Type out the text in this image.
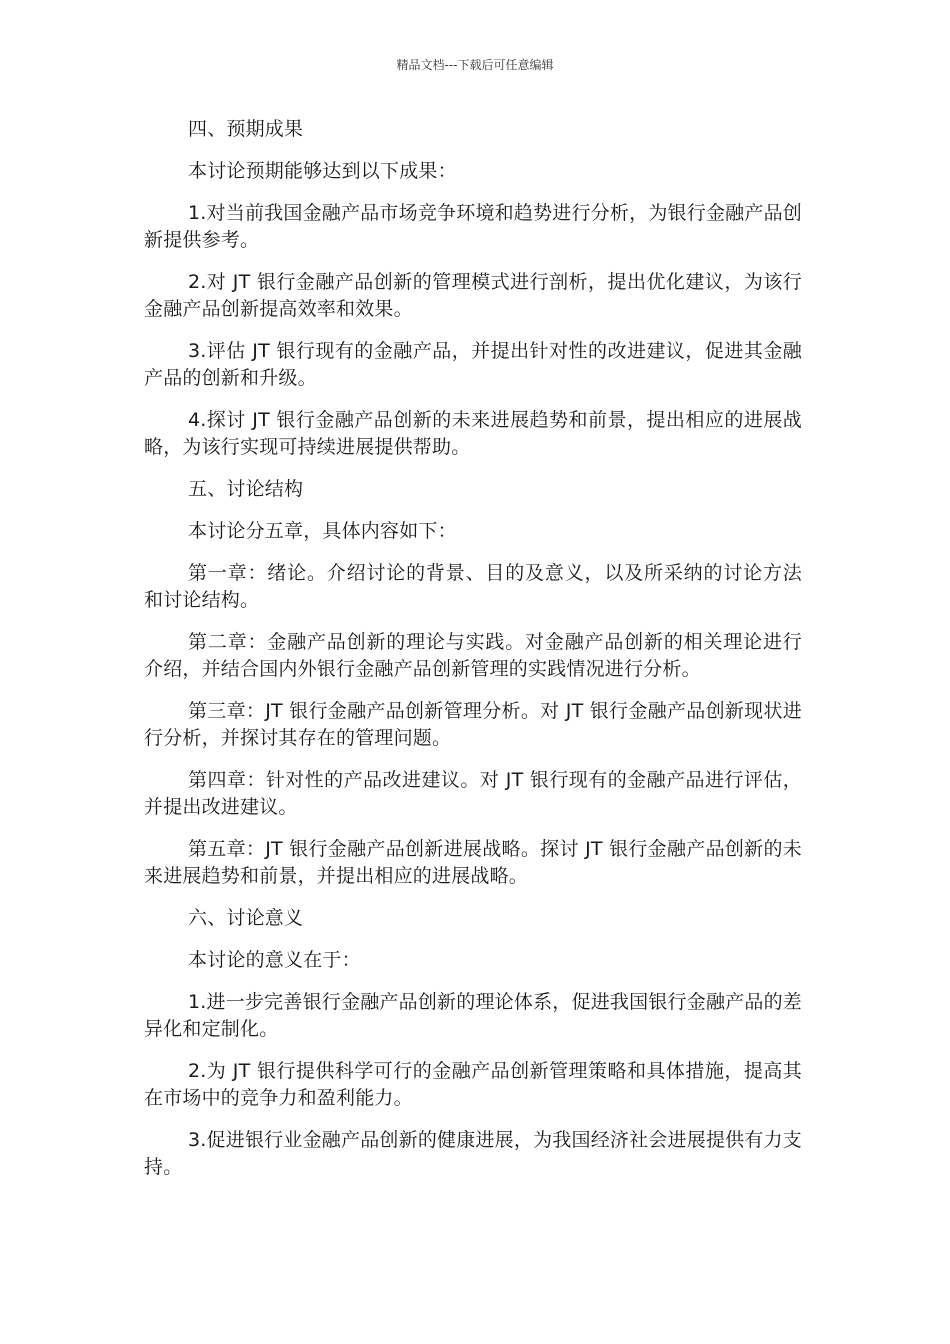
精品文档---下载后可任意编辑

四、预期成果

本讨论预期能够达到以下成果：

1.对当前我国金融产品市场竞争环境和趋势进行分析，为银行金融产品创新提供参考。

2.对 JT 银行金融产品创新的管理模式进行剖析，提出优化建议，为该行金融产品创新提高效率和效果。

3.评估 JT 银行现有的金融产品，并提出针对性的改进建议，促进其金融产品的创新和升级。

4.探讨 JT 银行金融产品创新的未来进展趋势和前景，提出相应的进展战略，为该行实现可持续进展提供帮助。

五、讨论结构

本讨论分五章，具体内容如下：

第一章：绪论。介绍讨论的背景、目的及意义，以及所采纳的讨论方法和讨论结构。

第二章：金融产品创新的理论与实践。对金融产品创新的相关理论进行介绍，并结合国内外银行金融产品创新管理的实践情况进行分析。

第三章：JT 银行金融产品创新管理分析。对 JT 银行金融产品创新现状进行分析，并探讨其存在的管理问题。

第四章：针对性的产品改进建议。对 JT 银行现有的金融产品进行评估，并提出改进建议。

第五章：JT 银行金融产品创新进展战略。探讨 JT 银行金融产品创新的未来进展趋势和前景，并提出相应的进展战略。

六、讨论意义

本讨论的意义在于：

1.进一步完善银行金融产品创新的理论体系，促进我国银行金融产品的差异化和定制化。

2.为 JT 银行提供科学可行的金融产品创新管理策略和具体措施，提高其在市场中的竞争力和盈利能力。

3.促进银行业金融产品创新的健康进展，为我国经济社会进展提供有力支持。
